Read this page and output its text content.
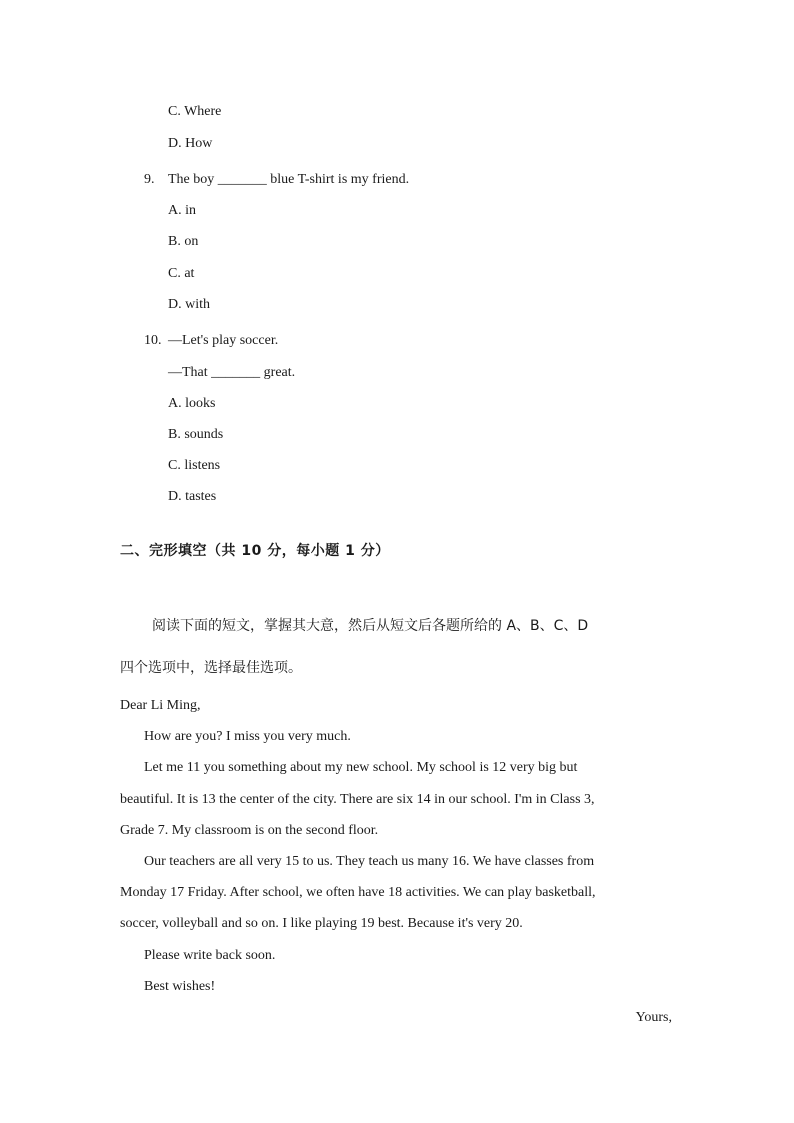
C. Where
D. How
9. The boy _______ blue T-shirt is my friend.
A. in
B. on
C. at
D. with
10. —Let's play soccer.
—That _______ great.
A. looks
B. sounds
C. listens
D. tastes
二、完形填空（共 10 分，每小题 1 分）
阅读下面的短文，掌握其大意，然后从短文后各题所给的 A、B、C、D
四个选项中，选择最佳选项。
Dear Li Ming,
How are you? I miss you very much.
Let me 11 you something about my new school. My school is 12 very big but
beautiful. It is 13 the center of the city. There are six 14 in our school. I'm in Class 3,
Grade 7. My classroom is on the second floor.
Our teachers are all very 15 to us. They teach us many 16. We have classes from
Monday 17 Friday. After school, we often have 18 activities. We can play basketball,
soccer, volleyball and so on. I like playing 19 best. Because it's very 20.
Please write back soon.
Best wishes!
Yours,
